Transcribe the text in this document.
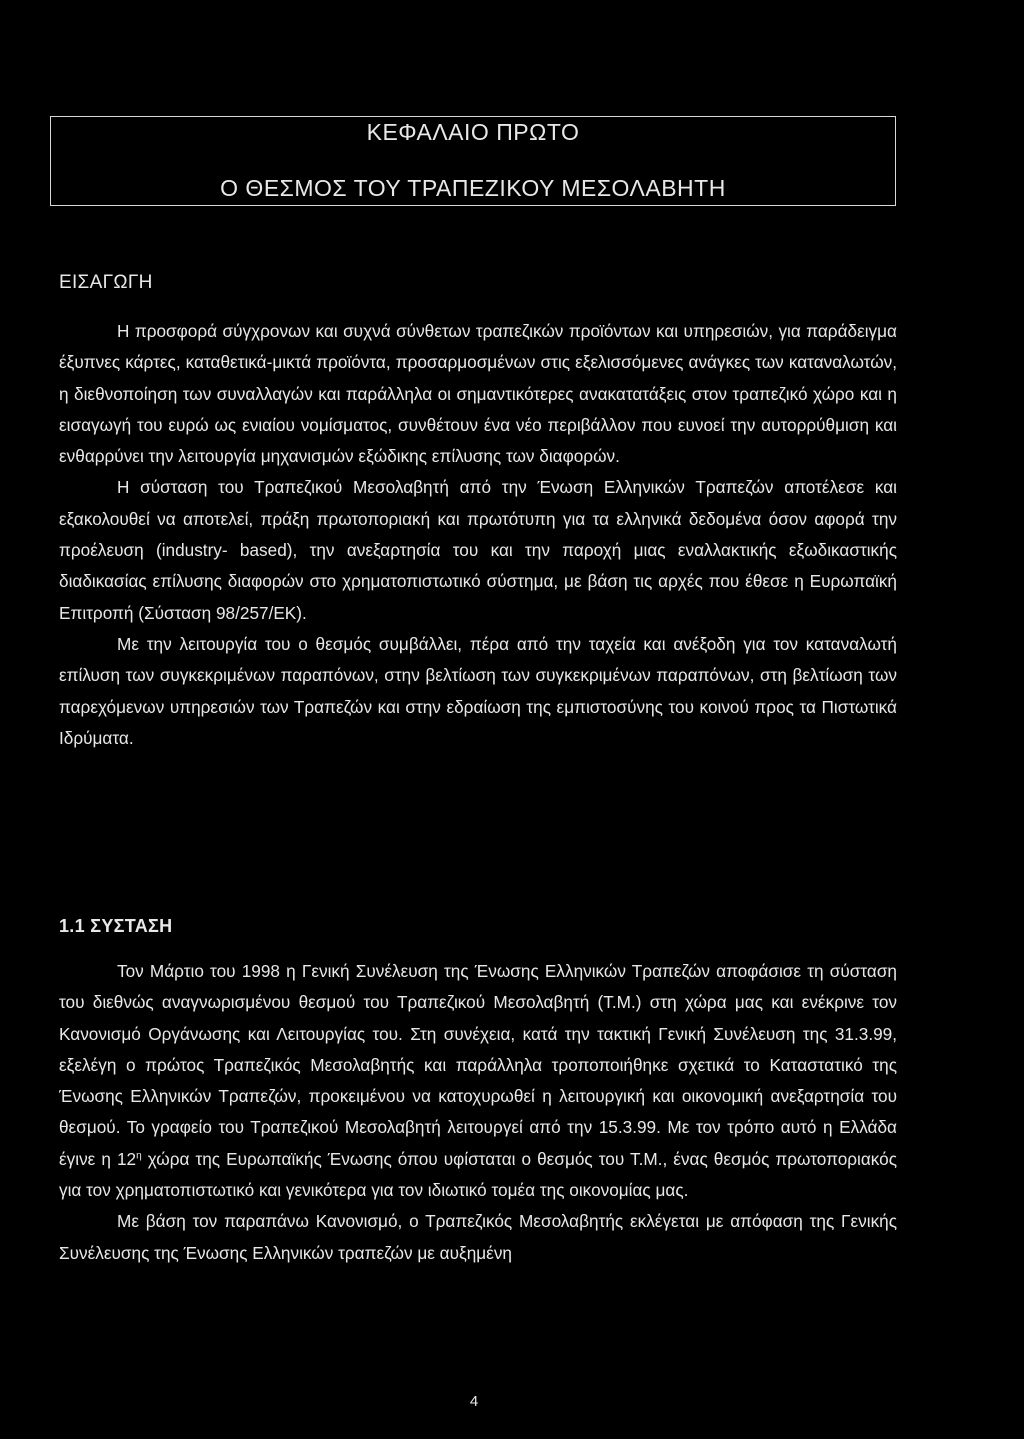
ΚΕΦΑΛΑΙΟ ΠΡΩΤΟ
Ο ΘΕΣΜΟΣ ΤΟΥ ΤΡΑΠΕΖΙΚΟΥ ΜΕΣΟΛΑΒΗΤΗ
ΕΙΣΑΓΩΓΗ

Η προσφορά σύγχρονων και συχνά σύνθετων τραπεζικών προϊόντων και υπηρεσιών, για παράδειγμα έξυπνες κάρτες, καταθετικά-μικτά προϊόντα, προσαρμοσμένων στις εξελισσόμενες ανάγκες των καταναλωτών, η διεθνοποίηση των συναλλαγών και παράλληλα οι σημαντικότερες ανακατατάξεις στον τραπεζικό χώρο και η εισαγωγή του ευρώ ως ενιαίου νομίσματος, συνθέτουν ένα νέο περιβάλλον που ευνοεί την αυτορρύθμιση και ενθαρρύνει την λειτουργία μηχανισμών εξώδικης επίλυσης των διαφορών.

Η σύσταση του Τραπεζικού Μεσολαβητή από την Ένωση Ελληνικών Τραπεζών αποτέλεσε και εξακολουθεί να αποτελεί, πράξη πρωτοποριακή και πρωτότυπη για τα ελληνικά δεδομένα όσον αφορά την προέλευση (industry- based), την ανεξαρτησία του και την παροχή μιας εναλλακτικής εξωδικαστικής διαδικασίας επίλυσης διαφορών στο χρηματοπιστωτικό σύστημα, με βάση τις αρχές που έθεσε η Ευρωπαϊκή Επιτροπή (Σύσταση 98/257/ΕΚ).

Με την λειτουργία του ο θεσμός συμβάλλει, πέρα από την ταχεία και ανέξοδη για τον καταναλωτή επίλυση των συγκεκριμένων παραπόνων, στην βελτίωση των συγκεκριμένων παραπόνων, στη βελτίωση των παρεχόμενων υπηρεσιών των Τραπεζών και στην εδραίωση της εμπιστοσύνης του κοινού προς τα Πιστωτικά Ιδρύματα.

1.1 ΣΥΣΤΑΣΗ

Τον Μάρτιο του 1998 η Γενική Συνέλευση της Ένωσης Ελληνικών Τραπεζών αποφάσισε τη σύσταση του διεθνώς αναγνωρισμένου θεσμού του Τραπεζικού Μεσολαβητή (Τ.Μ.) στη χώρα μας και ενέκρινε τον Κανονισμό Οργάνωσης και Λειτουργίας του. Στη συνέχεια, κατά την τακτική Γενική Συνέλευση της 31.3.99, εξελέγη ο πρώτος Τραπεζικός Μεσολαβητής και παράλληλα τροποποιήθηκε σχετικά το Καταστατικό της Ένωσης Ελληνικών Τραπεζών, προκειμένου να κατοχυρωθεί η λειτουργική και οικονομική ανεξαρτησία του θεσμού. Το γραφείο του Τραπεζικού Μεσολαβητή λειτουργεί από την 15.3.99. Με τον τρόπο αυτό η Ελλάδα έγινε η $12^\eta$ χώρα της Ευρωπαϊκής Ένωσης όπου υφίσταται ο θεσμός του Τ.Μ., ένας θεσμός πρωτοποριακός για τον χρηματοπιστωτικό και γενικότερα για τον ιδιωτικό τομέα της οικονομίας μας.

Με βάση τον παραπάνω Κανονισμό, ο Τραπεζικός Μεσολαβητής εκλέγεται με απόφαση της Γενικής Συνέλευσης της Ένωσης Ελληνικών τραπεζών με αυξημένη

4
